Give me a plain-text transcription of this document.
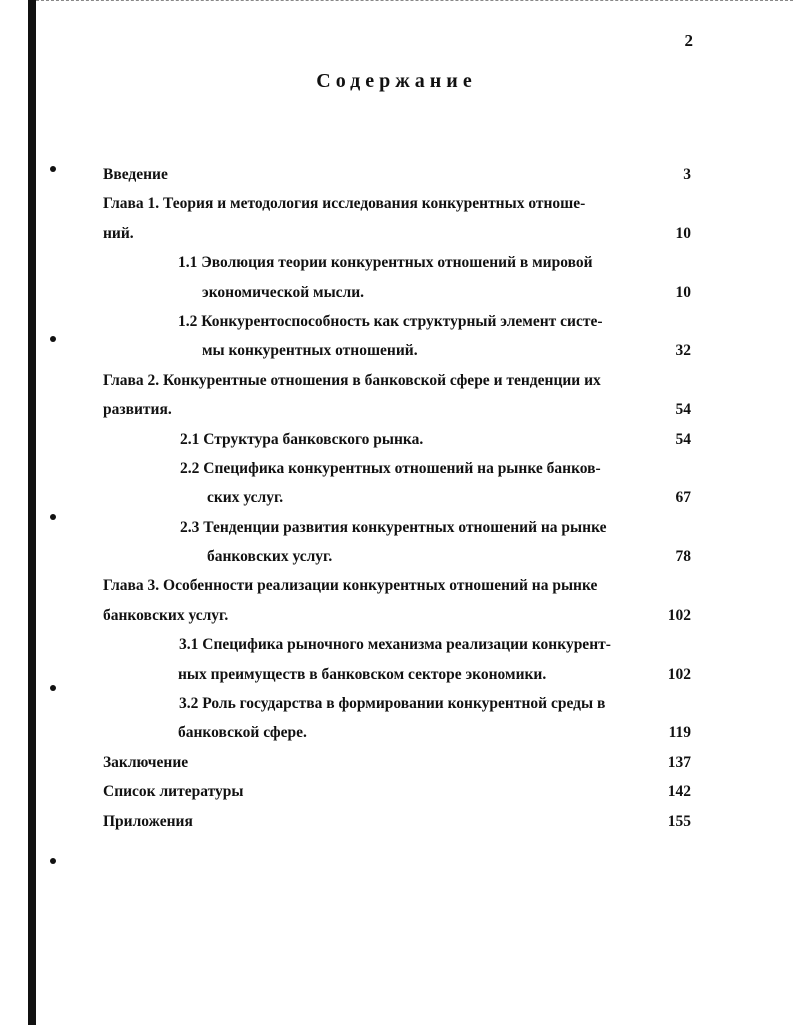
2
Содержание
Введение	3
Глава 1. Теория и методология исследования конкурентных отноше-
ний.	10
1.1 Эволюция теории конкурентных отношений в мировой
экономической мысли.	10
1.2 Конкурентоспособность как структурный элемент систе-
мы конкурентных отношений.	32
Глава 2. Конкурентные отношения в банковской сфере и тенденции их
развития.	54
2.1 Структура банковского рынка.	54
2.2 Специфика конкурентных отношений на рынке банков-
ских услуг.	67
2.3 Тенденции развития конкурентных отношений на рынке
банковских услуг.	78
Глава 3. Особенности реализации конкурентных отношений на рынке
банковских услуг.	102
3.1 Специфика рыночного механизма реализации конкурент-
ных преимуществ в банковском секторе экономики.	102
3.2 Роль государства в формировании конкурентной среды в
банковской сфере.	119
Заключение	137
Список литературы	142
Приложения	155
